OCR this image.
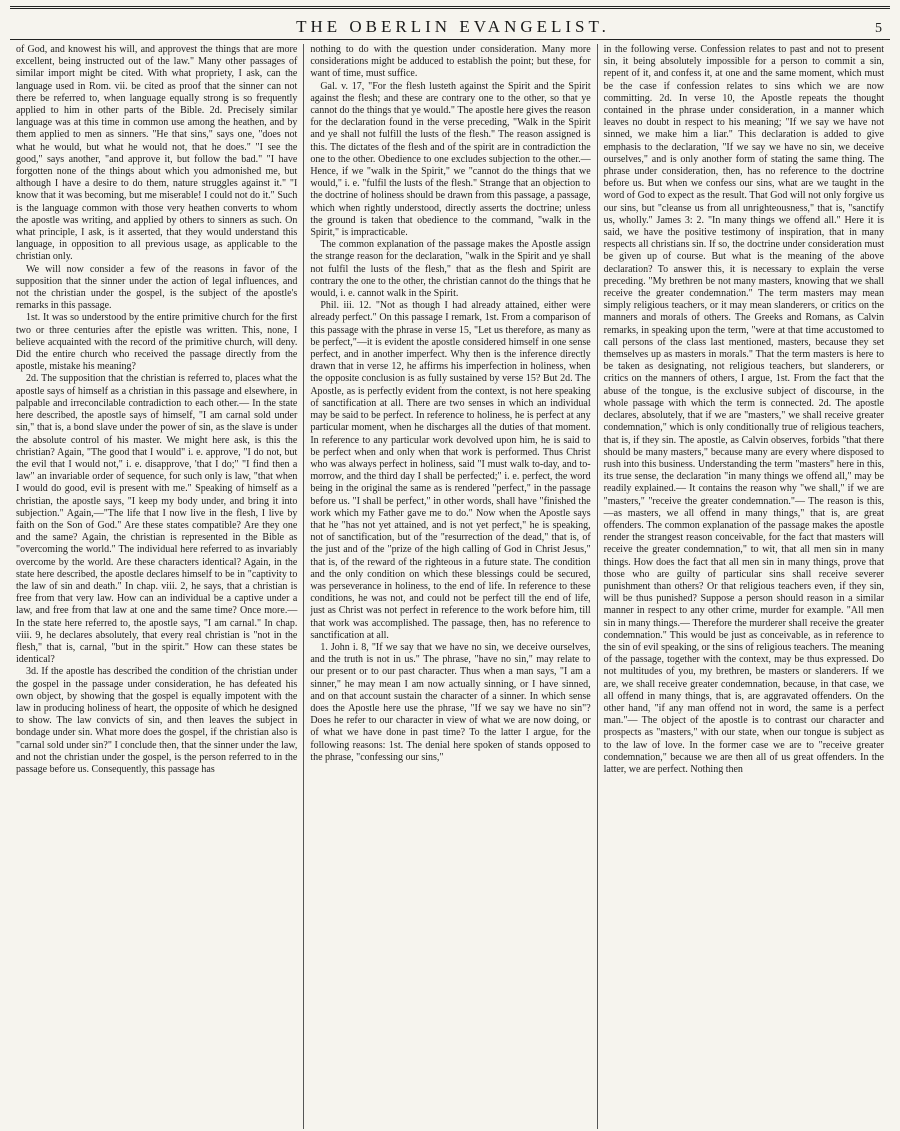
THE OBERLIN EVANGELIST.	5

of God, and knowest his will, and approvest the things that are more excellent, being instructed out of the law." Many other passages of similar import might be cited. With what propriety, I ask, can the language used in Rom. vii. be cited as proof that the sinner can not there be referred to, when language equally strong is so frequently applied to him in other parts of the Bible. 2d. Precisely similar language was at this time in common use among the heathen, and by them applied to men as sinners. "He that sins," says one, "does not what he would, but what he would not, that he does." "I see the good," says another, "and approve it, but follow the bad." "I have forgotten none of the things about which you admonished me, but although I have a desire to do them, nature struggles against it." "I know that it was becoming, but me miserable! I could not do it." Such is the language common with those very heathen converts to whom the apostle was writing, and applied by others to sinners as such. On what principle, I ask, is it asserted, that they would understand this language, in opposition to all previous usage, as applicable to the christian only.

We will now consider a few of the reasons in favor of the supposition that the sinner under the action of legal influences, and not the christian under the gospel, is the subject of the apostle's remarks in this passage.

1st. It was so understood by the entire primitive church for the first two or three centuries after the epistle was written. This, none, I believe acquainted with the record of the primitive church, will deny. Did the entire church who received the passage directly from the apostle, mistake his meaning?

2d. The supposition that the christian is referred to, places what the apostle says of himself as a christian in this passage and elsewhere, in palpable and irreconcilable contradiction to each other.— In the state here described, the apostle says of himself, "I am carnal sold under sin," that is, a bond slave under the power of sin, as the slave is under the absolute control of his master. We might here ask, is this the christian? Again, "The good that I would" i. e. approve, "I do not, but the evil that I would not," i. e. disapprove, 'that I do;" "I find then a law" an invariable order of sequence, for such only is law, "that when I would do good, evil is present with me." Speaking of himself as a christian, the apostle says, "I keep my body under, and bring it into subjection." Again,—"The life that I now live in the flesh, I live by faith on the Son of God." Are these states compatible? Are they one and the same? Again, the christian is represented in the Bible as "overcoming the world." The individual here referred to as invariably overcome by the world. Are these characters identical? Again, in the state here described, the apostle declares himself to be in "captivity to the law of sin and death." In chap. viii. 2, he says, that a christian is free from that very law. How can an individual be a captive under a law, and free from that law at one and the same time? Once more.— In the state here referred to, the apostle says, "I am carnal." In chap. viii. 9, he declares absolutely, that every real christian is "not in the flesh," that is, carnal, "but in the spirit." How can these states be identical?

3d. If the apostle has described the condition of the christian under the gospel in the passage under consideration, he has defeated his own object, by showing that the gospel is equally impotent with the law in producing holiness of heart, the opposite of which he designed to show. The law convicts of sin, and then leaves the subject in bondage under sin. What more does the gospel, if the christian also is "carnal sold under sin?" I conclude then, that the sinner under the law, and not the christian under the gospel, is the person referred to in the passage before us. Consequently, this passage has

nothing to do with the question under consideration. Many more considerations might be adduced to establish the point; but these, for want of time, must suffice.

Gal. v. 17, "For the flesh lusteth against the Spirit and the Spirit against the flesh; and these are contrary one to the other, so that ye cannot do the things that ye would." The apostle here gives the reason for the declaration found in the verse preceding, "Walk in the Spirit and ye shall not fulfill the lusts of the flesh." The reason assigned is this. The dictates of the flesh and of the spirit are in contradiction the one to the other. Obedience to one excludes subjection to the other.— Hence, if we "walk in the Spirit," we "cannot do the things that we would," i. e. "fulfil the lusts of the flesh." Strange that an objection to the doctrine of holiness should be drawn from this passage, a passage, which when rightly understood, directly asserts the doctrine; unless the ground is taken that obedience to the command, "walk in the Spirit," is impracticable.

The common explanation of the passage makes the Apostle assign the strange reason for the declaration, "walk in the Spirit and ye shall not fulfil the lusts of the flesh," that as the flesh and Spirit are contrary the one to the other, the christian cannot do the things that he would, i. e. cannot walk in the Spirit.

Phil. iii. 12. "Not as though I had already attained, either were already perfect." On this passage I remark, 1st. From a comparison of this passage with the phrase in verse 15, "Let us therefore, as many as be perfect,"—it is evident the apostle considered himself in one sense perfect, and in another imperfect. Why then is the inference directly drawn that in verse 12, he affirms his imperfection in holiness, when the opposite conclusion is as fully sustained by verse 15? But 2d. The Apostle, as is perfectly evident from the context, is not here speaking of sanctification at all. There are two senses in which an individual may be said to be perfect. In reference to holiness, he is perfect at any particular moment, when he discharges all the duties of that moment. In reference to any particular work devolved upon him, he is said to be perfect when and only when that work is performed. Thus Christ who was always perfect in holiness, said "I must walk to-day, and to-morrow, and the third day I shall be perfected;" i. e. perfect, the word being in the original the same as is rendered "perfect," in the passage before us. "I shall be perfect," in other words, shall have "finished the work which my Father gave me to do." Now when the Apostle says that he "has not yet attained, and is not yet perfect," he is speaking, not of sanctification, but of the "resurrection of the dead," that is, of the just and of the "prize of the high calling of God in Christ Jesus," that is, of the reward of the righteous in a future state. The condition and the only condition on which these blessings could be secured, was perseverance in holiness, to the end of life. In reference to these conditions, he was not, and could not be perfect till the end of life, just as Christ was not perfect in reference to the work before him, till that work was accomplished. The passage, then, has no reference to sanctification at all.

1. John i. 8, "If we say that we have no sin, we deceive ourselves, and the truth is not in us." The phrase, "have no sin," may relate to our present or to our past character. Thus when a man says, "I am a sinner," he may mean I am now actually sinning, or I have sinned, and on that account sustain the character of a sinner. In which sense does the Apostle here use the phrase, "If we say we have no sin"? Does he refer to our character in view of what we are now doing, or of what we have done in past time? To the latter I argue, for the following reasons: 1st. The denial here spoken of stands opposed to the phrase, "confessing our sins,"

in the following verse. Confession relates to past and not to present sin, it being absolutely impossible for a person to commit a sin, repent of it, and confess it, at one and the same moment, which must be the case if confession relates to sins which we are now committing. 2d. In verse 10, the Apostle repeats the thought contained in the phrase under consideration, in a manner which leaves no doubt in respect to his meaning; "If we say we have not sinned, we make him a liar." This declaration is added to give emphasis to the declaration, "If we say we have no sin, we deceive ourselves," and is only another form of stating the same thing. The phrase under consideration, then, has no reference to the doctrine before us. But when we confess our sins, what are we taught in the word of God to expect as the result. That God will not only forgive us our sins, but "cleanse us from all unrighteousness," that is, "sanctify us, wholly." James 3: 2. "In many things we offend all." Here it is said, we have the positive testimony of inspiration, that in many respects all christians sin. If so, the doctrine under consideration must be given up of course. But what is the meaning of the above declaration? To answer this, it is necessary to explain the verse preceding. "My brethren be not many masters, knowing that we shall receive the greater condemnation." The term masters may mean simply religious teachers, or it may mean slanderers, or critics on the manners and morals of others. The Greeks and Romans, as Calvin remarks, in speaking upon the term, "were at that time accustomed to call persons of the class last mentioned, masters, because they set themselves up as masters in morals." That the term masters is here to be taken as designating, not religious teachers, but slanderers, or critics on the manners of others, I argue, 1st. From the fact that the abuse of the tongue, is the exclusive subject of discourse, in the whole passage with which the term is connected. 2d. The apostle declares, absolutely, that if we are "masters," we shall receive greater condemnation," which is only conditionally true of religious teachers, that is, if they sin. The apostle, as Calvin observes, forbids "that there should be many masters," because many are every where disposed to rush into this business. Understanding the term "masters" here in this, its true sense, the declaration "in many things we offend all," may be readily explained.— It contains the reason why "we shall," if we are "masters," "receive the greater condemnation."— The reason is this,—as masters, we all offend in many things," that is, are great offenders. The common explanation of the passage makes the apostle render the strangest reason conceivable, for the fact that masters will receive the greater condemnation," to wit, that all men sin in many things. How does the fact that all men sin in many things, prove that those who are guilty of particular sins shall receive severer punishment than others? Or that religious teachers even, if they sin, will be thus punished? Suppose a person should reason in a similar manner in respect to any other crime, murder for example. "All men sin in many things.— Therefore the murderer shall receive the greater condemnation." This would be just as conceivable, as in reference to the sin of evil speaking, or the sins of religious teachers. The meaning of the passage, together with the context, may be thus expressed. Do not multitudes of you, my brethren, be masters or slanderers. If we are, we shall receive greater condemnation, because, in that case, we all offend in many things, that is, are aggravated offenders. On the other hand, "if any man offend not in word, the same is a perfect man."— The object of the apostle is to contrast our character and prospects as "masters," with our state, when our tongue is subject as to the law of love. In the former case we are to "receive greater condemnation," because we are then all of us great offenders. In the latter, we are perfect. Nothing then
